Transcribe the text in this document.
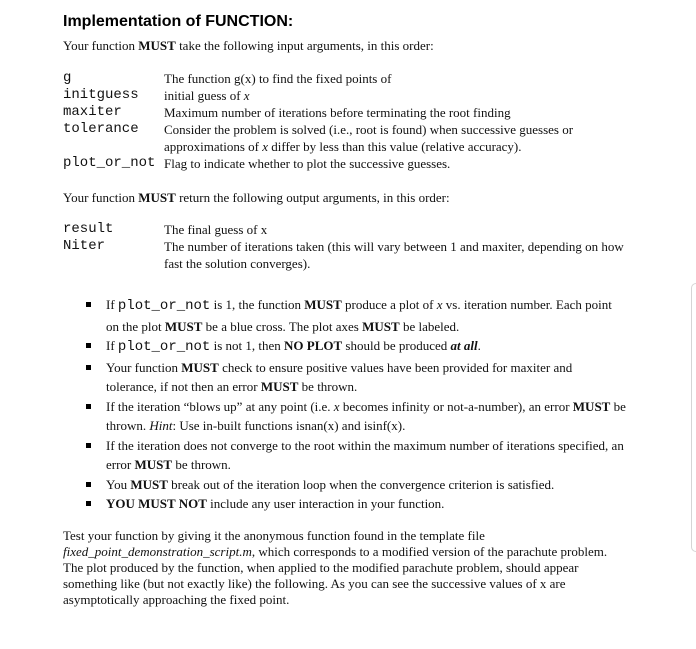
Implementation of FUNCTION:
Your function MUST take the following input arguments, in this order:
g	The function g(x) to find the fixed points of
initguess	initial guess of x
maxiter	Maximum number of iterations before terminating the root finding
tolerance	Consider the problem is solved (i.e., root is found) when successive guesses or approximations of x differ by less than this value (relative accuracy).
plot_or_not Flag to indicate whether to plot the successive guesses.
Your function MUST return the following output arguments, in this order:
result	The final guess of x
Niter	The number of iterations taken (this will vary between 1 and maxiter, depending on how fast the solution converges).
If plot_or_not is 1, the function MUST produce a plot of x vs. iteration number. Each point on the plot MUST be a blue cross. The plot axes MUST be labeled.
If plot_or_not is not 1, then NO PLOT should be produced at all.
Your function MUST check to ensure positive values have been provided for maxiter and tolerance, if not then an error MUST be thrown.
If the iteration “blows up” at any point (i.e. x becomes infinity or not-a-number), an error MUST be thrown. Hint: Use in-built functions isnan(x) and isinf(x).
If the iteration does not converge to the root within the maximum number of iterations specified, an error MUST be thrown.
You MUST break out of the iteration loop when the convergence criterion is satisfied.
YOU MUST NOT include any user interaction in your function.
Test your function by giving it the anonymous function found in the template file fixed_point_demonstration_script.m, which corresponds to a modified version of the parachute problem. The plot produced by the function, when applied to the modified parachute problem, should appear something like (but not exactly like) the following. As you can see the successive values of x are asymptotically approaching the fixed point.
